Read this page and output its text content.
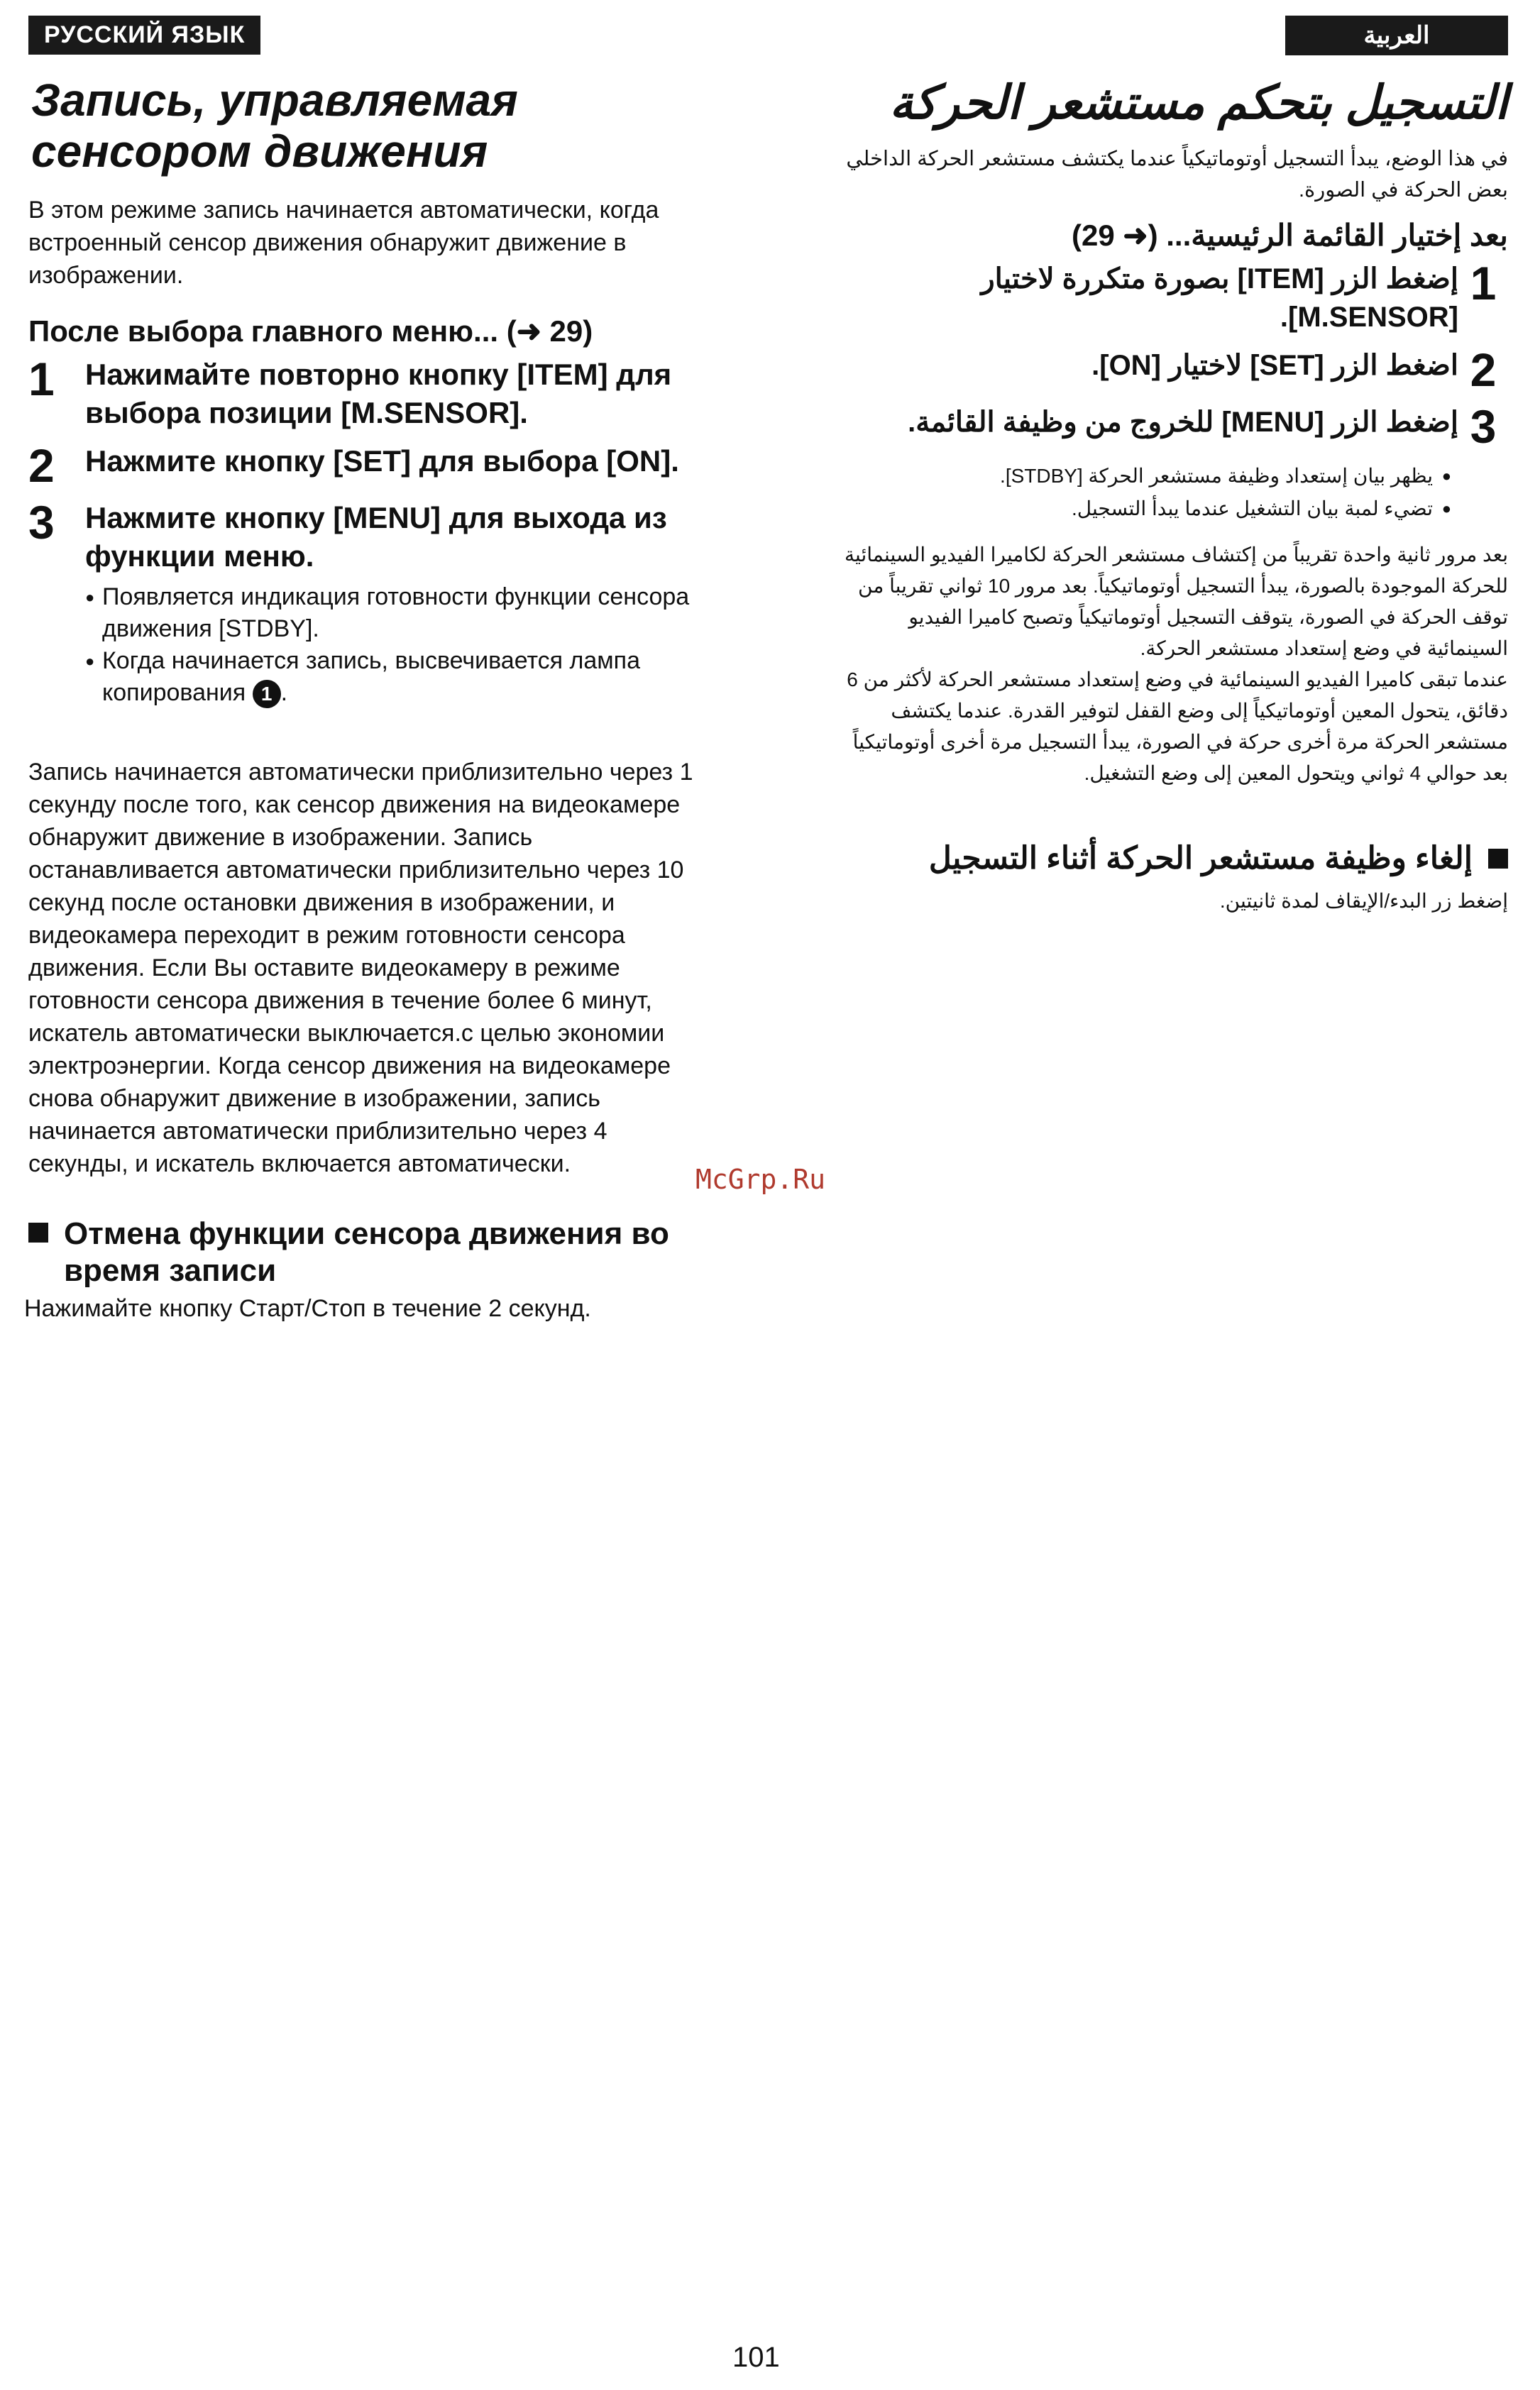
РУССКИЙ ЯЗЫК
Запись, управляемая
сенсором движения

В этом режиме запись начинается автоматически, когда встроенный сенсор движения обнаружит движение в изображении.

После выбора главного меню... (➜ 29)
1	Нажимайте повторно кнопку [ITEM] для выбора позиции [M.SENSOR].
2	Нажмите кнопку [SET] для выбора [ON].
3	Нажмите кнопку [MENU] для выхода из функции меню.
● Появляется индикация готовности функции сенсора движения [STDBY].
● Когда начинается запись, высвечивается лампа копирования 1 .

Запись начинается автоматически приблизительно через 1 секунду после того, как сенсор движения на видеокамере обнаружит движение в изображении. Запись останавливается автоматически приблизительно через 10 секунд после остановки движения в изображении, и видеокамера переходит в режим готовности сенсора движения. Если Вы оставите видеокамеру в режиме готовности сенсора движения в течение более 6 минут, искатель автоматически выключается.с целью экономии электроэнергии. Когда сенсор движения на видеокамере снова обнаружит движение в изображении, запись начинается автоматически приблизительно через 4 секунды, и искатель включается автоматически.

Отмена функции сенсора движения во время записи

Нажимайте кнопку Старт/Стоп в течение 2 секунд.

العربية
التسجيل بتحكم مستشعر الحركة

في هذا الوضع، يبدأ التسجيل أوتوماتيكياً عندما يكتشف مستشعر الحركة الداخلي بعض الحركة في الصورة.

بعد إختيار القائمة الرئيسية... (➜ 29)
1
إضغط الزر [ITEM] بصورة متكررة لاختيار [M.SENSOR].
2
اضغط الزر [SET] لاختيار [ON].
3
إضغط الزر [MENU] للخروج من وظيفة القائمة.
● يظهر بيان إستعداد وظيفة مستشعر الحركة [STDBY].
● تضيء لمبة بيان التشغيل عندما يبدأ التسجيل.

بعد مرور ثانية واحدة تقريباً من إكتشاف مستشعر الحركة لكاميرا الفيديو السينمائية للحركة الموجودة بالصورة، يبدأ التسجيل أوتوماتيكياً. بعد مرور 10 ثواني تقريباً من توقف الحركة في الصورة، يتوقف التسجيل أوتوماتيكياً وتصبح كاميرا الفيديو السينمائية في وضع إستعداد مستشعر الحركة.

عندما تبقى كاميرا الفيديو السينمائية في وضع إستعداد مستشعر الحركة لأكثر من 6 دقائق، يتحول المعين أوتوماتيكياً إلى وضع القفل لتوفير القدرة. عندما يكتشف مستشعر الحركة مرة أخرى حركة في الصورة، يبدأ التسجيل مرة أخرى أوتوماتيكياً بعد حوالي 4 ثواني ويتحول المعين إلى وضع التشغيل.

إلغاء وظيفة مستشعر الحركة أثناء التسجيل

إضغط زر البدء/الإيقاف لمدة ثانيتين.

McGrp.Ru
101
